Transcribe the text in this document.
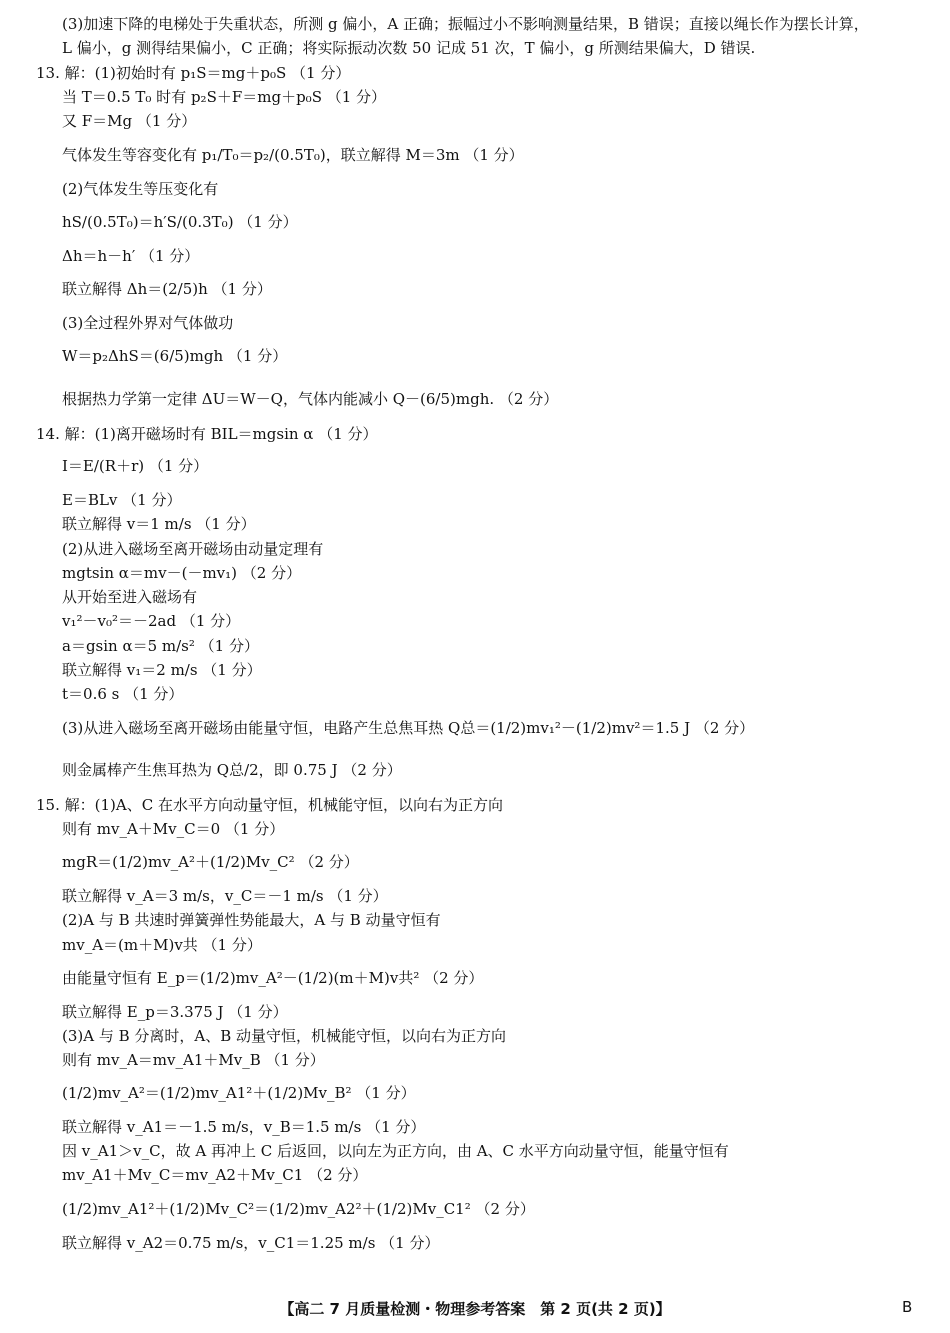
(3)加速下降的电梯处于失重状态，所测 g 偏小，A 正确；振幅过小不影响测量结果，B 错误；直接以绳长作为摆长计算，
L 偏小，g 测得结果偏小，C 正确；将实际振动次数 50 记成 51 次，T 偏小，g 所测结果偏大，D 错误.
13. 解：(1)初始时有 p₁S＝mg＋p₀S （1 分）
当 T＝0.5 T₀ 时有 p₂S＋F＝mg＋p₀S （1 分）
又 F＝Mg （1 分）
气体发生等容变化有 p₁/T₀＝p₂/(0.5T₀)，联立解得 M＝3m （1 分）
(2)气体发生等压变化有
hS/(0.5T₀)＝h′S/(0.3T₀) （1 分）
Δh＝h－h′ （1 分）
联立解得 Δh＝(2/5)h （1 分）
(3)全过程外界对气体做功
W＝p₂ΔhS＝(6/5)mgh （1 分）
根据热力学第一定律 ΔU＝W－Q，气体内能减小 Q－(6/5)mgh. （2 分）
14. 解：(1)离开磁场时有 BIL＝mgsin α （1 分）
I＝E/(R＋r) （1 分）
E＝BLv （1 分）
联立解得 v＝1 m/s （1 分）
(2)从进入磁场至离开磁场由动量定理有
mgtsin α＝mv－(－mv₁) （2 分）
从开始至进入磁场有
v₁²－v₀²＝－2ad （1 分）
a＝gsin α＝5 m/s² （1 分）
联立解得 v₁＝2 m/s （1 分）
t＝0.6 s （1 分）
(3)从进入磁场至离开磁场由能量守恒，电路产生总焦耳热 Q总＝(1/2)mv₁²－(1/2)mv²＝1.5 J （2 分）
则金属棒产生焦耳热为 Q总/2，即 0.75 J （2 分）
15. 解：(1)A、C 在水平方向动量守恒，机械能守恒，以向右为正方向
则有 mv_A＋Mv_C＝0 （1 分）
mgR＝(1/2)mv_A²＋(1/2)Mv_C² （2 分）
联立解得 v_A＝3 m/s，v_C＝－1 m/s （1 分）
(2)A 与 B 共速时弹簧弹性势能最大，A 与 B 动量守恒有
mv_A＝(m＋M)v共 （1 分）
由能量守恒有 E_p＝(1/2)mv_A²－(1/2)(m＋M)v共² （2 分）
联立解得 E_p＝3.375 J （1 分）
(3)A 与 B 分离时，A、B 动量守恒，机械能守恒，以向右为正方向
则有 mv_A＝mv_A1＋Mv_B （1 分）
(1/2)mv_A²＝(1/2)mv_A1²＋(1/2)Mv_B² （1 分）
联立解得 v_A1＝－1.5 m/s，v_B＝1.5 m/s （1 分）
因 v_A1＞v_C，故 A 再冲上 C 后返回，以向左为正方向，由 A、C 水平方向动量守恒，能量守恒有
mv_A1＋Mv_C＝mv_A2＋Mv_C1 （2 分）
(1/2)mv_A1²＋(1/2)Mv_C²＝(1/2)mv_A2²＋(1/2)Mv_C1² （2 分）
联立解得 v_A2＝0.75 m/s，v_C1＝1.25 m/s （1 分）
【高二 7 月质量检测・物理参考答案　第 2 页(共 2 页)】	B
